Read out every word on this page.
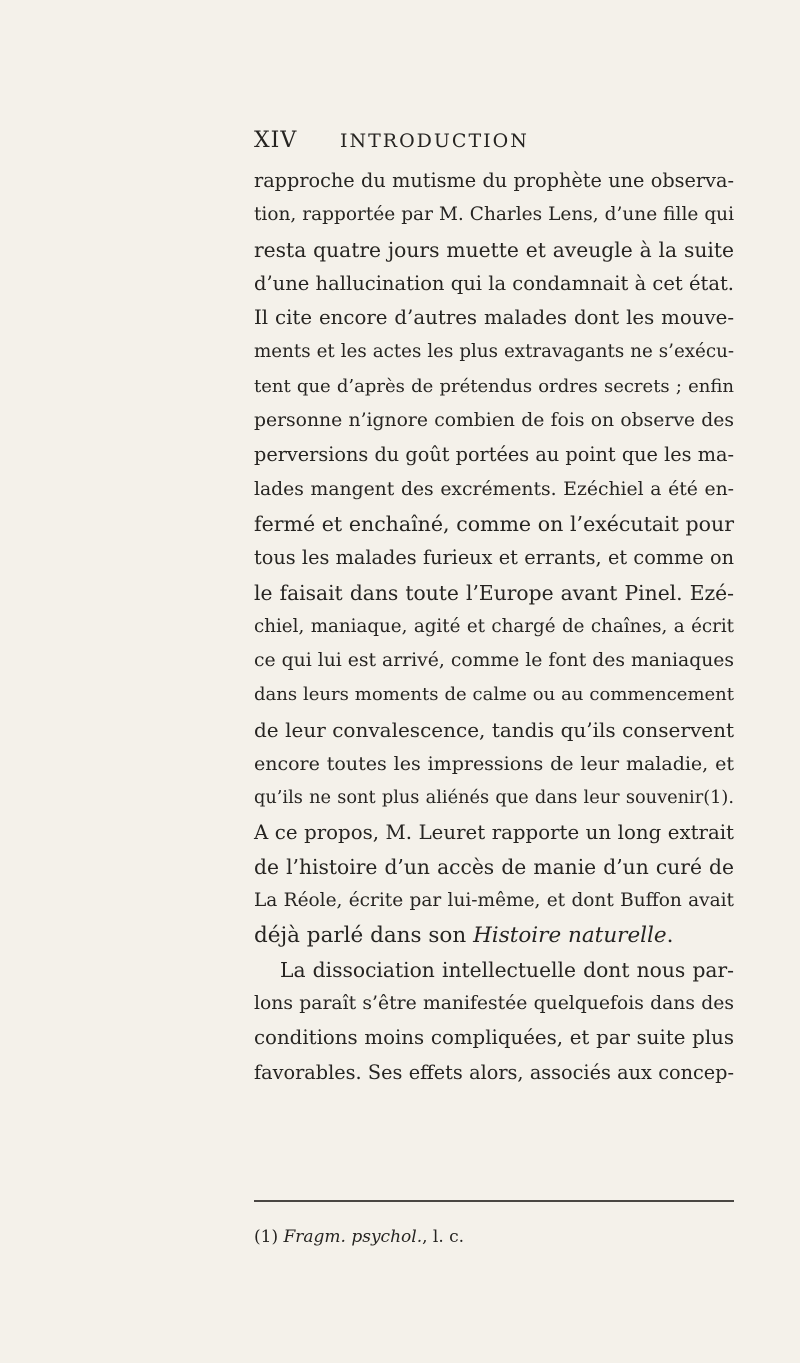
XIV INTRODUCTION
rapproche du mutisme du prophète une observa-
tion, rapportée par M. Charles Lens, d’une fille qui
resta quatre jours muette et aveugle à la suite
d’une hallucination qui la condamnait à cet état.
Il cite encore d’autres malades dont les mouve-
ments et les actes les plus extravagants ne s’exécu-
tent que d’après de prétendus ordres secrets ; enfin
personne n’ignore combien de fois on observe des
perversions du goût portées au point que les ma-
lades mangent des excréments. Ezéchiel a été en-
fermé et enchaîné, comme on l’exécutait pour
tous les malades furieux et errants, et comme on
le faisait dans toute l’Europe avant Pinel. Ezé-
chiel, maniaque, agité et chargé de chaînes, a écrit
ce qui lui est arrivé, comme le font des maniaques
dans leurs moments de calme ou au commencement
de leur convalescence, tandis qu’ils conservent
encore toutes les impressions de leur maladie, et
qu’ils ne sont plus aliénés que dans leur souvenir(1).
A ce propos, M. Leuret rapporte un long extrait
de l’histoire d’un accès de manie d’un curé de
La Réole, écrite par lui-même, et dont Buffon avait
déjà parlé dans son Histoire naturelle.
La dissociation intellectuelle dont nous par-
lons paraît s’être manifestée quelquefois dans des
conditions moins compliquées, et par suite plus
favorables. Ses effets alors, associés aux concep-
(1) Fragm. psychol., l. c.
